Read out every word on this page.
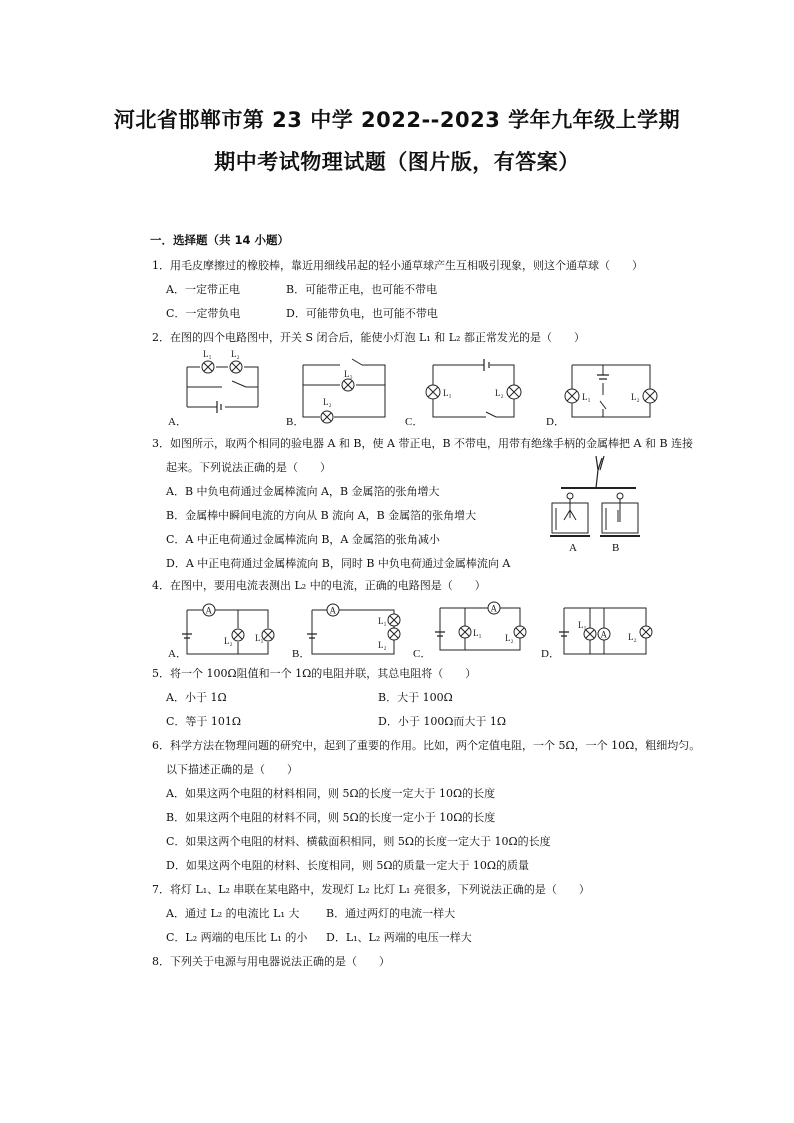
河北省邯郸市第 23 中学 2022--2023 学年九年级上学期
期中考试物理试题（图片版，有答案）
一．选择题（共 14 小题）
1．用毛皮摩擦过的橡胶棒，靠近用细线吊起的轻小通草球产生互相吸引现象，则这个通草球（　　）
A．一定带正电	B．可能带正电，也可能不带电
C．一定带负电	D．可能带负电，也可能不带电
2．在图的四个电路图中，开关 S 闭合后，能使小灯泡 L₁ 和 L₂ 都正常发光的是（　　）
L₁ L₂
L₁
L₂
L₁	L₂	L₁	L₂
A．	B．	C．	D．
3．如图所示，取两个相同的验电器 A 和 B，使 A 带正电，B 不带电，用带有绝缘手柄的金属棒把 A 和 B 连接
起来。下列说法正确的是（　　）
A．B 中负电荷通过金属棒流向 A，B 金属箔的张角增大
B．金属棒中瞬间电流的方向从 B 流向 A，B 金属箔的张角增大
C．A 中正电荷通过金属棒流向 B，A 金属箔的张角减小
D．A 中正电荷通过金属棒流向 B，同时 B 中负电荷通过金属棒流向 A
A	B
4．在图中，要用电流表测出 L₂ 中的电流，正确的电路图是（　　）
A
L₂ L₁
A
L₁
L₂
A
L₁	L₂	A
L₁
L₂
A．	B．	C．	D．
5．将一个 100Ω阻值和一个 1Ω的电阻并联，其总电阻将（　　）
A．小于 1Ω	B．大于 100Ω
C．等于 101Ω	D．小于 100Ω而大于 1Ω
6．科学方法在物理问题的研究中，起到了重要的作用。比如，两个定值电阻，一个 5Ω，一个 10Ω，粗细均匀。
以下描述正确的是（　　）
A．如果这两个电阻的材料相同，则 5Ω的长度一定大于 10Ω的长度
B．如果这两个电阻的材料不同，则 5Ω的长度一定小于 10Ω的长度
C．如果这两个电阻的材料、横截面积相同，则 5Ω的长度一定大于 10Ω的长度
D．如果这两个电阻的材料、长度相同，则 5Ω的质量一定大于 10Ω的质量
7．将灯 L₁、L₂ 串联在某电路中，发现灯 L₂ 比灯 L₁ 亮很多，下列说法正确的是（　　）
A．通过 L₂ 的电流比 L₁ 大 B．通过两灯的电流一样大
C．L₂ 两端的电压比 L₁ 的小 D．L₁、L₂ 两端的电压一样大
8．下列关于电源与用电器说法正确的是（　　）
